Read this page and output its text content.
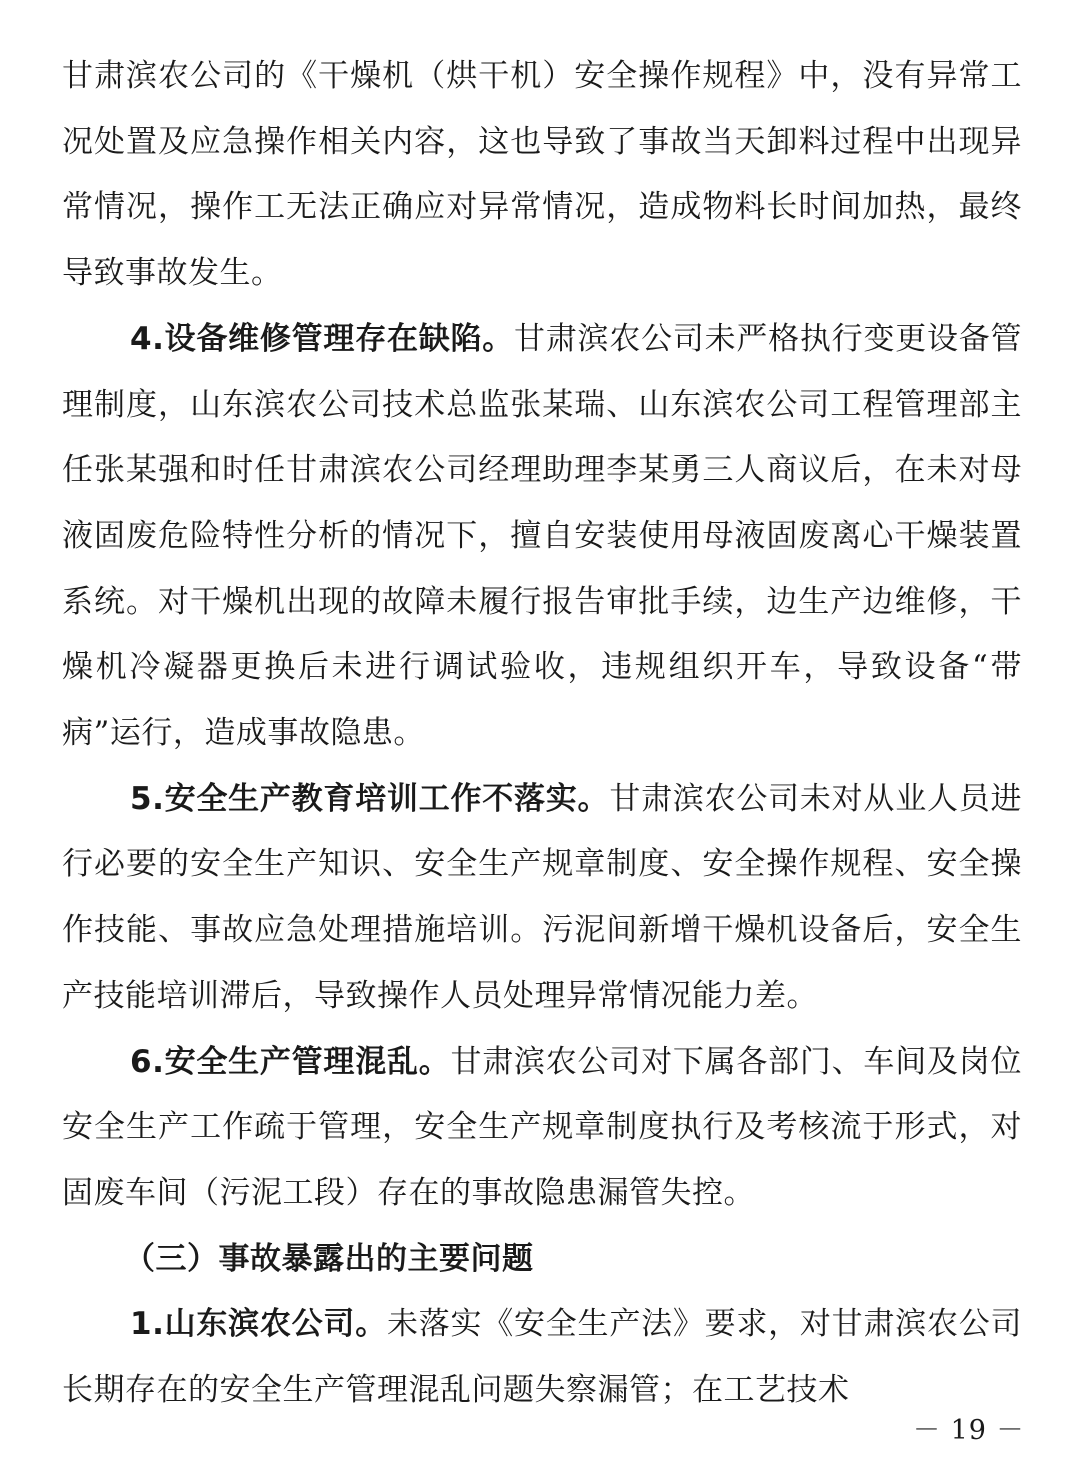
甘肃滨农公司的《干燥机（烘干机）安全操作规程》中，没有异常工况处置及应急操作相关内容，这也导致了事故当天卸料过程中出现异常情况，操作工无法正确应对异常情况，造成物料长时间加热，最终导致事故发生。

4.设备维修管理存在缺陷。甘肃滨农公司未严格执行变更设备管理制度，山东滨农公司技术总监张某瑞、山东滨农公司工程管理部主任张某强和时任甘肃滨农公司经理助理李某勇三人商议后，在未对母液固废危险特性分析的情况下，擅自安装使用母液固废离心干燥装置系统。对干燥机出现的故障未履行报告审批手续，边生产边维修，干燥机冷凝器更换后未进行调试验收，违规组织开车，导致设备“带病”运行，造成事故隐患。

5.安全生产教育培训工作不落实。甘肃滨农公司未对从业人员进行必要的安全生产知识、安全生产规章制度、安全操作规程、安全操作技能、事故应急处理措施培训。污泥间新增干燥机设备后，安全生产技能培训滞后，导致操作人员处理异常情况能力差。

6.安全生产管理混乱。甘肃滨农公司对下属各部门、车间及岗位安全生产工作疏于管理，安全生产规章制度执行及考核流于形式，对固废车间（污泥工段）存在的事故隐患漏管失控。

（三）事故暴露出的主要问题

1.山东滨农公司。未落实《安全生产法》要求，对甘肃滨农公司长期存在的安全生产管理混乱问题失察漏管；在工艺技术

－ 19 －
